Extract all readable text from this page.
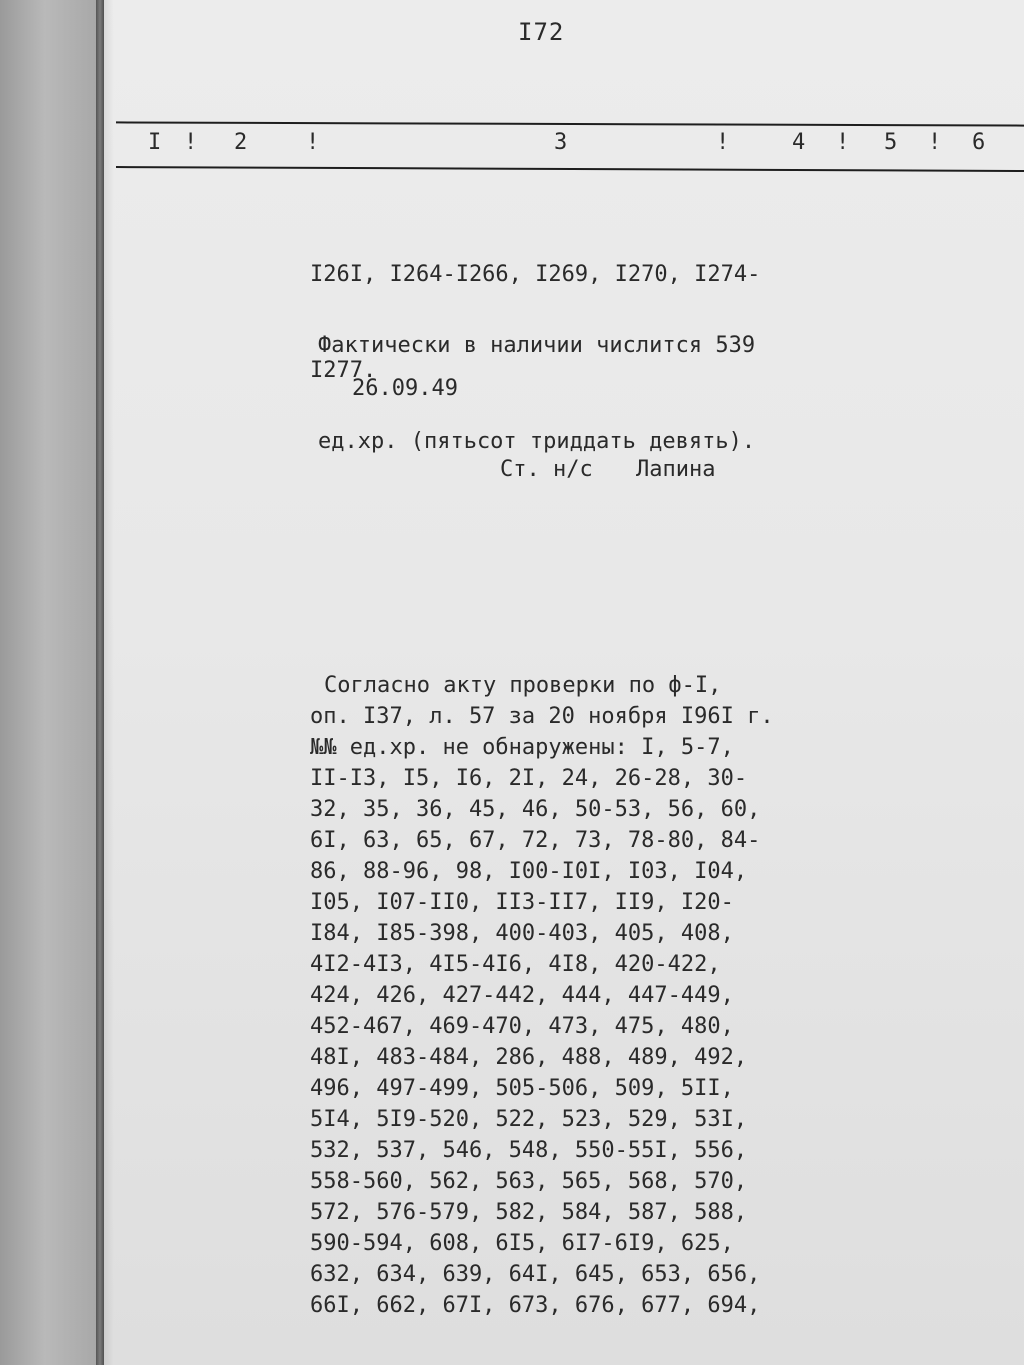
I72
I ! 2	!	3	!	4 ! 5 ! 6

I26I, I264-I266, I269, I270, I274-

I277.

Фактически в наличии числится 539

ед.хр. (пятьсот триддать девять).

26.09.49
Ст. н/с Лапина
Согласно акту проверки по ф-I,
оп. I37, л. 57 за 20 ноября I96I г.
№№ ед.хр. не обнаружены: I, 5-7,
II-I3, I5, I6, 2I, 24, 26-28, 30-
32, 35, 36, 45, 46, 50-53, 56, 60,
6I, 63, 65, 67, 72, 73, 78-80, 84-
86, 88-96, 98, I00-I0I, I03, I04,
I05, I07-II0, II3-II7, II9, I20-
I84, I85-398, 400-403, 405, 408,
4I2-4I3, 4I5-4I6, 4I8, 420-422,
424, 426, 427-442, 444, 447-449,
452-467, 469-470, 473, 475, 480,
48I, 483-484, 286, 488, 489, 492,
496, 497-499, 505-506, 509, 5II,
5I4, 5I9-520, 522, 523, 529, 53I,
532, 537, 546, 548, 550-55I, 556,
558-560, 562, 563, 565, 568, 570,
572, 576-579, 582, 584, 587, 588,
590-594, 608, 6I5, 6I7-6I9, 625,
632, 634, 639, 64I, 645, 653, 656,
66I, 662, 67I, 673, 676, 677, 694,
